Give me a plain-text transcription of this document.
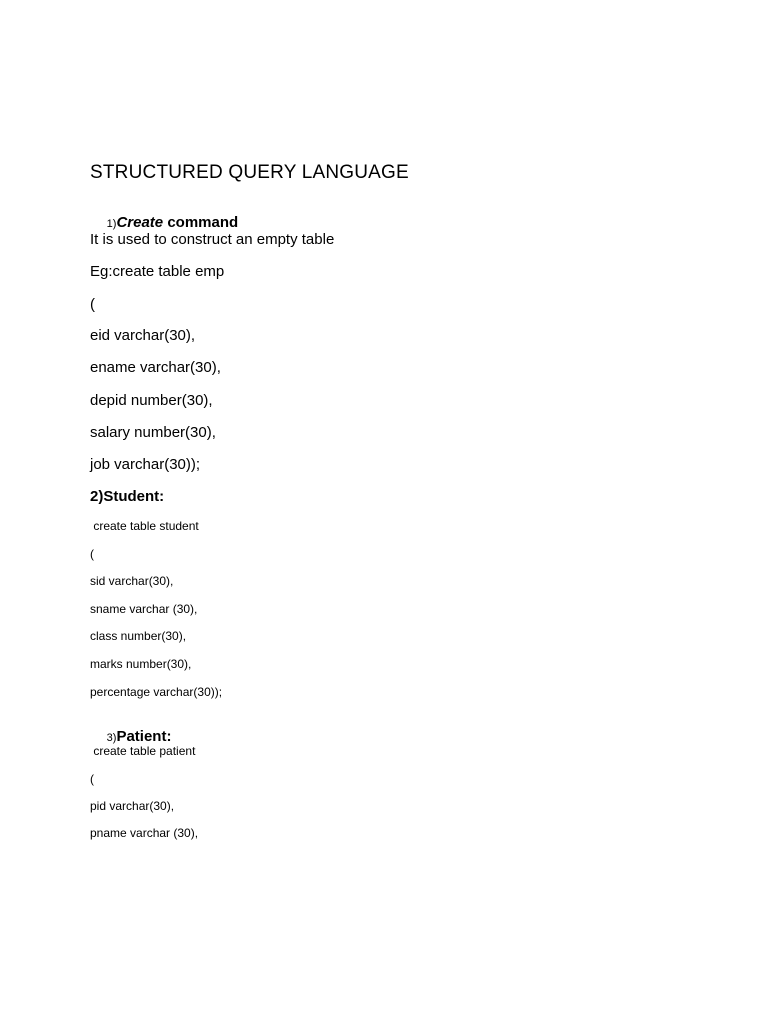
STRUCTURED QUERY LANGUAGE

1)Create command

It is used to construct an empty table
Eg:create table emp
(
eid varchar(30),
ename varchar(30),
depid number(30),
salary number(30),
job varchar(30));
2)Student:
create table student
(
sid varchar(30),
sname varchar (30),
class number(30),
marks number(30),
percentage varchar(30));

3)Patient:

create table patient
(
pid varchar(30),
pname varchar (30),
